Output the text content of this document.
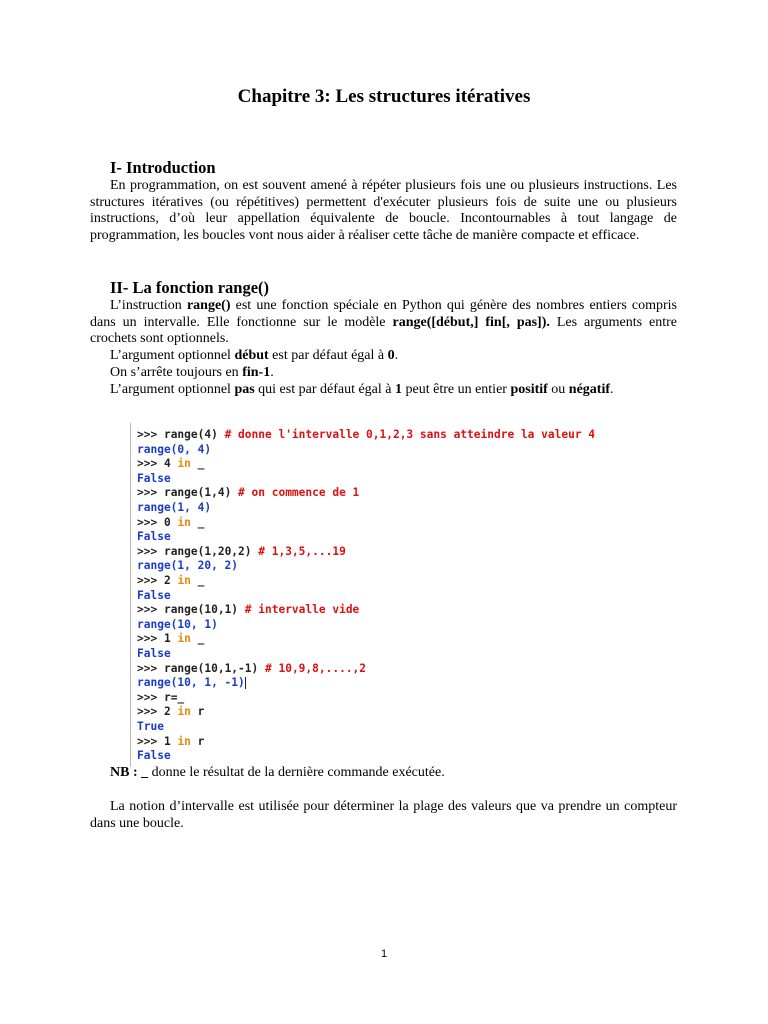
Chapitre 3: Les structures itératives
I- Introduction
En programmation, on est souvent amené à répéter plusieurs fois une ou plusieurs instructions. Les structures itératives (ou répétitives) permettent d'exécuter plusieurs fois de suite une ou plusieurs instructions, d’où leur appellation équivalente de boucle. Incontournables à tout langage de programmation, les boucles vont nous aider à réaliser cette tâche de manière compacte et efficace.
II- La fonction range()
L’instruction range() est une fonction spéciale en Python qui génère des nombres entiers compris dans un intervalle. Elle fonctionne sur le modèle range([début,] fin[, pas]). Les arguments entre crochets sont optionnels.
L’argument optionnel début est par défaut égal à 0.
On s’arrête toujours en fin-1.
L’argument optionnel pas qui est par défaut égal à 1 peut être un entier positif ou négatif.
>>> range(4) # donne l'intervalle 0,1,2,3 sans atteindre la valeur 4
range(0, 4)
>>> 4 in _
False
>>> range(1,4) # on commence de 1
range(1, 4)
>>> 0 in _
False
>>> range(1,20,2) # 1,3,5,...19
range(1, 20, 2)
>>> 2 in _
False
>>> range(10,1) # intervalle vide
range(10, 1)
>>> 1 in _
False
>>> range(10,1,-1) # 10,9,8,....,2
range(10, 1, -1)
>>> r=_
>>> 2 in r
True
>>> 1 in r
False
NB : _ donne le résultat de la dernière commande exécutée.
La notion d’intervalle est utilisée pour déterminer la plage des valeurs que va prendre un compteur dans une boucle.
1
